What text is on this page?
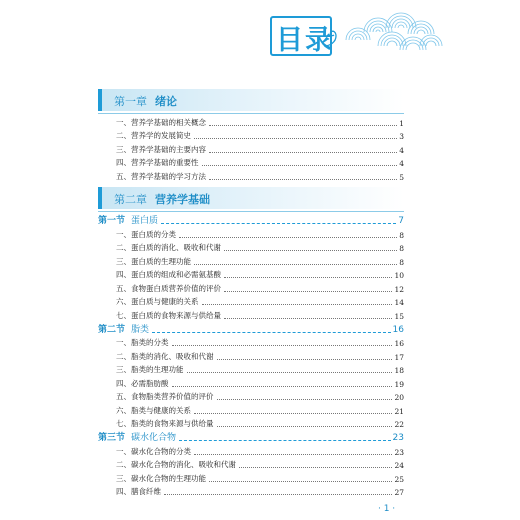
目录
第一章 绪论
一、营养学基础的相关概念	1
二、营养学的发展简史	3
三、营养学基础的主要内容	4
四、营养学基础的重要性	4
五、营养学基础的学习方法	5
第二章 营养学基础
第一节 蛋白质	7
一、蛋白质的分类	8
二、蛋白质的消化、吸收和代谢	8
三、蛋白质的生理功能	8
四、蛋白质的组成和必需氨基酸	10
五、食物蛋白质营养价值的评价	12
六、蛋白质与健康的关系	14
七、蛋白质的食物来源与供给量	15
第二节 脂类	16
一、脂类的分类	16
二、脂类的消化、吸收和代谢	17
三、脂类的生理功能	18
四、必需脂肪酸	19
五、食物脂类营养价值的评价	20
六、脂类与健康的关系	21
七、脂类的食物来源与供给量	22
第三节 碳水化合物	23
一、碳水化合物的分类	23
二、碳水化合物的消化、吸收和代谢	24
三、碳水化合物的生理功能	25
四、膳食纤维	27
· 1 ·
